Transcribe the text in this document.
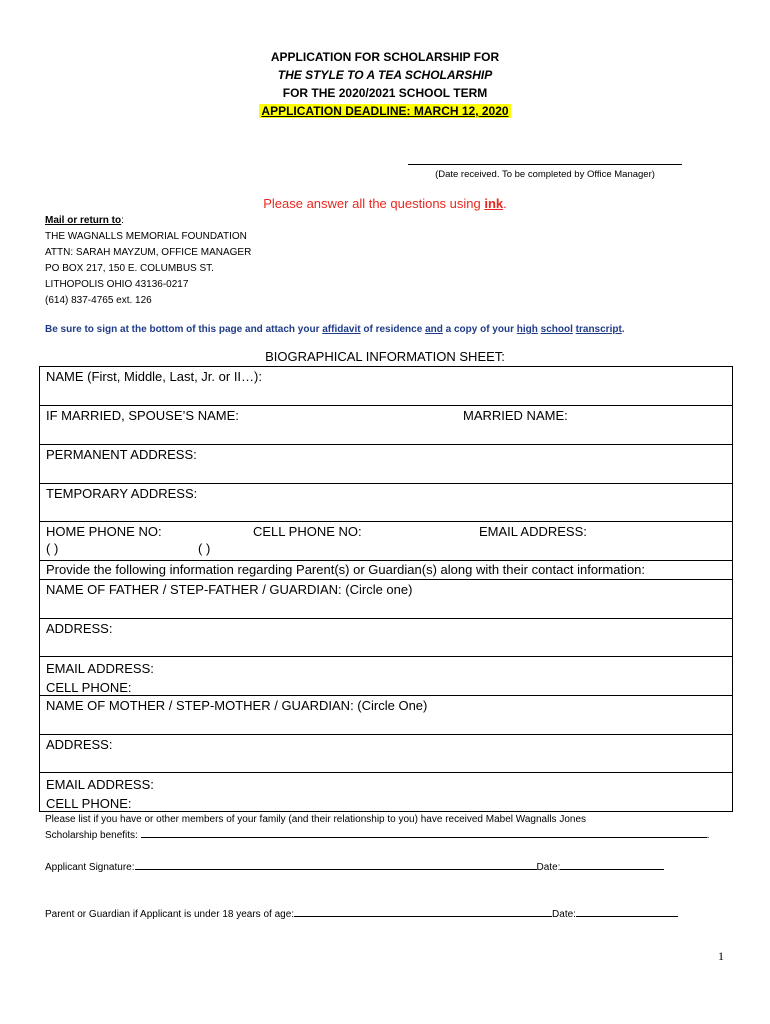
APPLICATION FOR SCHOLARSHIP FOR
THE STYLE TO A TEA SCHOLARSHIP
FOR THE 2020/2021 SCHOOL TERM
APPLICATION DEADLINE: MARCH 12, 2020
(Date received. To be completed by Office Manager)
Please answer all the questions using ink.
Mail or return to:
THE WAGNALLS MEMORIAL FOUNDATION
ATTN: SARAH MAYZUM, OFFICE MANAGER
PO BOX 217, 150 E. COLUMBUS ST.
LITHOPOLIS OHIO 43136-0217
(614) 837-4765 ext. 126
Be sure to sign at the bottom of this page and attach your affidavit of residence and a copy of your high school transcript.
BIOGRAPHICAL INFORMATION SHEET:
NAME (First, Middle, Last, Jr. or II…):
IF MARRIED, SPOUSE’S NAME:	MARRIED NAME:
PERMANENT ADDRESS:
TEMPORARY ADDRESS:
HOME PHONE NO:	CELL PHONE NO:	EMAIL ADDRESS:
( )	( )
Provide the following information regarding Parent(s) or Guardian(s) along with their contact information:
NAME OF FATHER / STEP-FATHER / GUARDIAN: (Circle one)
ADDRESS:
EMAIL ADDRESS:
CELL PHONE:
NAME OF MOTHER / STEP-MOTHER / GUARDIAN: (Circle One)
ADDRESS:
EMAIL ADDRESS:
CELL PHONE:
Please list if you have or other members of your family (and their relationship to you) have received Mabel Wagnalls Jones
Scholarship benefits:	.
Applicant Signature:	Date:
Parent or Guardian if Applicant is under 18 years of age:	Date:
1
